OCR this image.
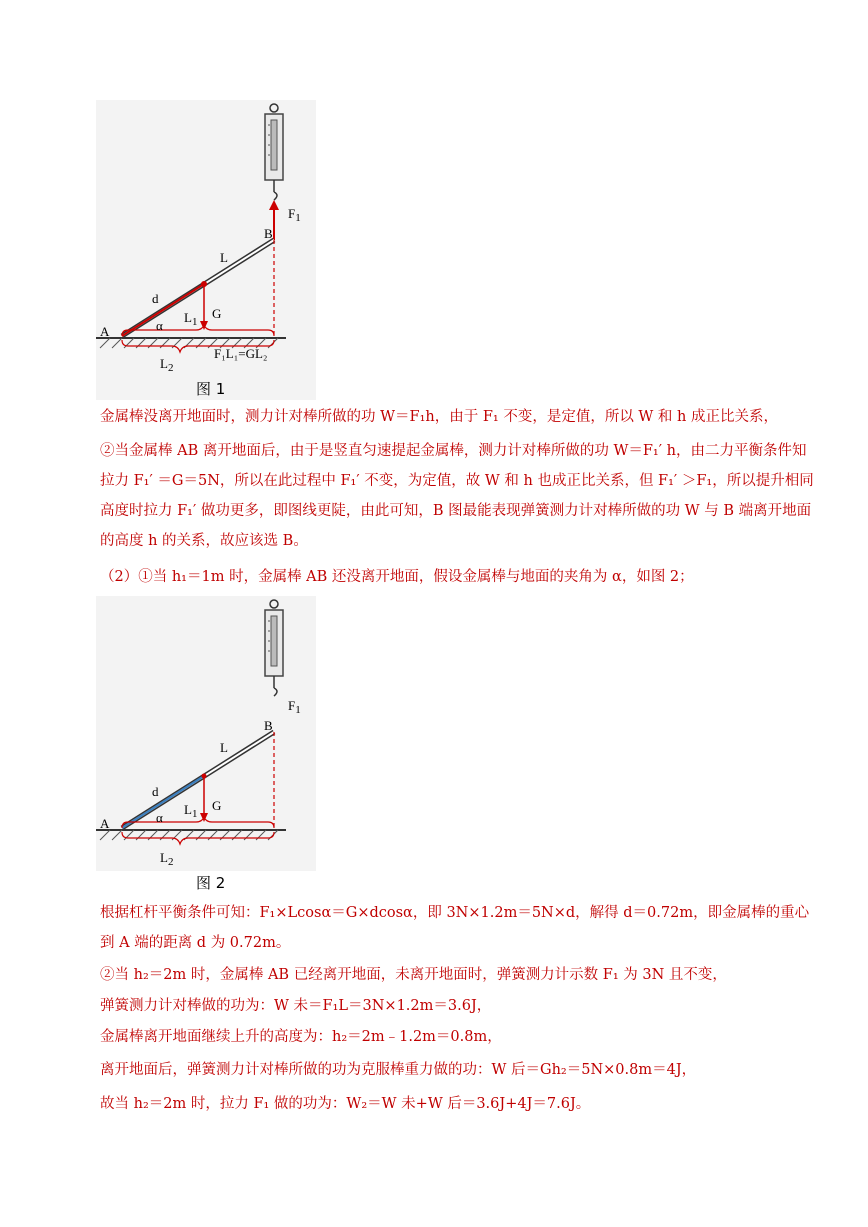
$F_1$
B
L
d
$L_1$
G
A	α
F₁L₁=GL₂
$L_2$
图 1
金属棒没离开地面时，测力计对棒所做的功 W＝F₁h，由于 F₁ 不变，是定值，所以 W 和 h 成正比关系，
②当金属棒 AB 离开地面后，由于是竖直匀速提起金属棒，测力计对棒所做的功 W＝F₁′ h，由二力平衡条件知拉力 F₁′ ＝G＝5N，所以在此过程中 F₁′ 不变，为定值，故 W 和 h 也成正比关系，但 F₁′ ＞F₁，所以提升相同高度时拉力 F₁′ 做功更多，即图线更陡，由此可知，B 图最能表现弹簧测力计对棒所做的功 W 与 B 端离开地面的高度 h 的关系，故应该选 B。
（2）①当 h₁＝1m 时，金属棒 AB 还没离开地面，假设金属棒与地面的夹角为 α，如图 2；
$F_1$
B
L
d
$L_1$
G
A	α
$L_2$
图 2
根据杠杆平衡条件可知：F₁×Lcosα＝G×dcosα，即 3N×1.2m＝5N×d，解得 d＝0.72m，即金属棒的重心到 A 端的距离 d 为 0.72m。
②当 h₂＝2m 时，金属棒 AB 已经离开地面，未离开地面时，弹簧测力计示数 F₁ 为 3N 且不变，
弹簧测力计对棒做的功为：W 未＝F₁L＝3N×1.2m＝3.6J，
金属棒离开地面继续上升的高度为：h₂＝2m﹣1.2m＝0.8m，
离开地面后，弹簧测力计对棒所做的功为克服棒重力做的功：W 后＝Gh₂＝5N×0.8m＝4J，
故当 h₂＝2m 时，拉力 F₁ 做的功为：W₂＝W 未+W 后＝3.6J+4J＝7.6J。
